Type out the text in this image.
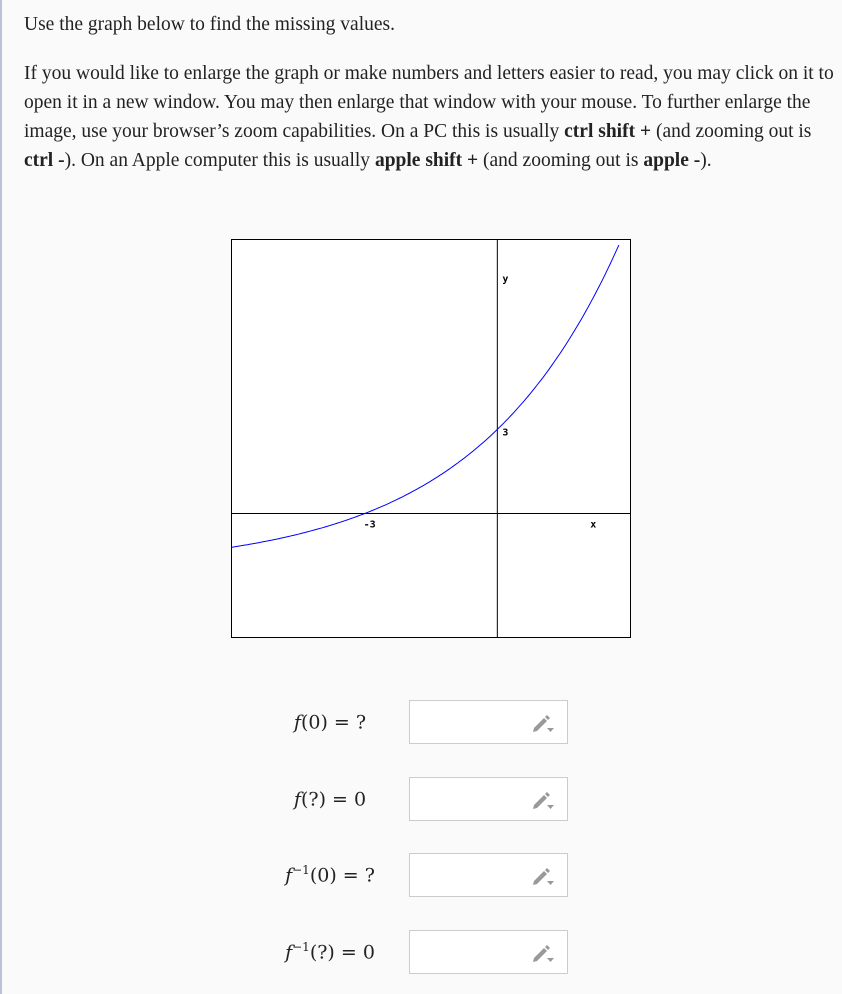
Use the graph below to find the missing values.

If you would like to enlarge the graph or make numbers and letters easier to read, you may click on it to open it in a new window. You may then enlarge that window with your mouse. To further enlarge the image, use your browser’s zoom capabilities. On a PC this is usually ctrl shift + (and zooming out is ctrl -). On an Apple computer this is usually apple shift + (and zooming out is apple -).

-3
3
x
y
f(0) = ?
f(?) = 0
$f^{-1}(0)$ = ?
$f^{-1}(?) = 0$
